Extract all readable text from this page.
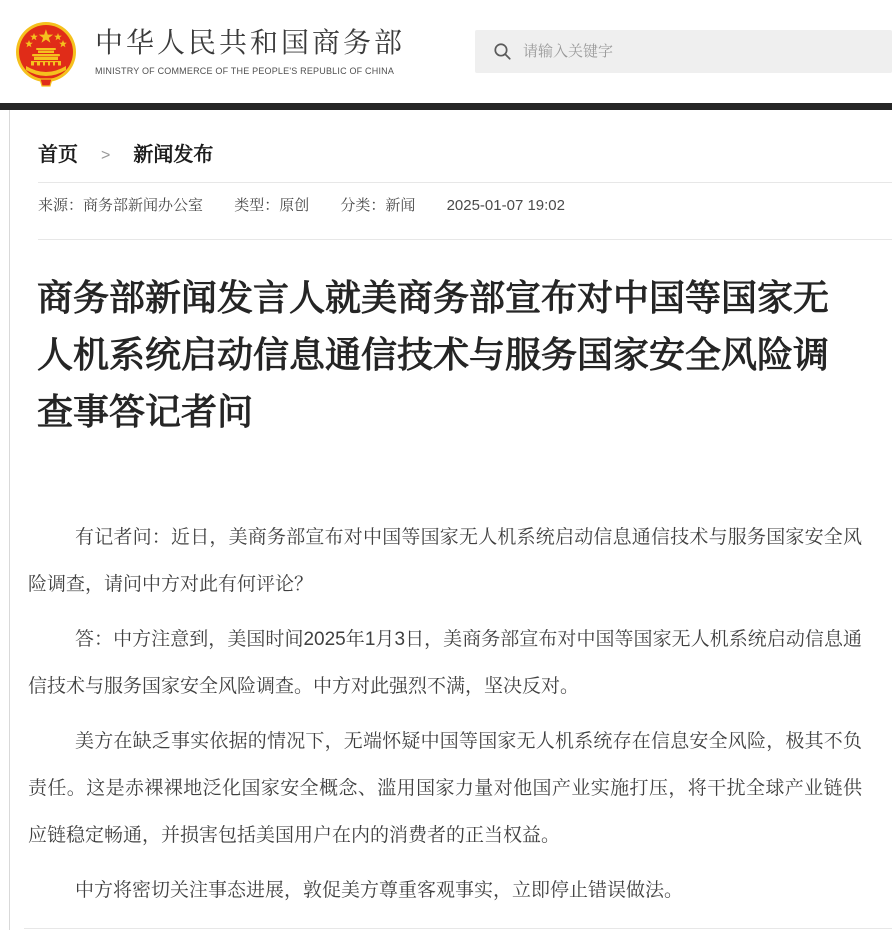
中华人民共和国商务部
MINISTRY OF COMMERCE OF THE PEOPLE'S REPUBLIC OF CHINA
请输入关键字
首页 > 新闻发布
来源：商务部新闻办公室 类型：原创 分类：新闻 2025-01-07 19:02
商务部新闻发言人就美商务部宣布对中国等国家无人机系统启动信息通信技术与服务国家安全风险调查事答记者问

有记者问：近日，美商务部宣布对中国等国家无人机系统启动信息通信技术与服务国家安全风险调查，请问中方对此有何评论？

答：中方注意到，美国时间2025年1月3日，美商务部宣布对中国等国家无人机系统启动信息通信技术与服务国家安全风险调查。中方对此强烈不满，坚决反对。

美方在缺乏事实依据的情况下，无端怀疑中国等国家无人机系统存在信息安全风险，极其不负责任。这是赤裸裸地泛化国家安全概念、滥用国家力量对他国产业实施打压，将干扰全球产业链供应链稳定畅通，并损害包括美国用户在内的消费者的正当权益。

中方将密切关注事态进展，敦促美方尊重客观事实，立即停止错误做法。
